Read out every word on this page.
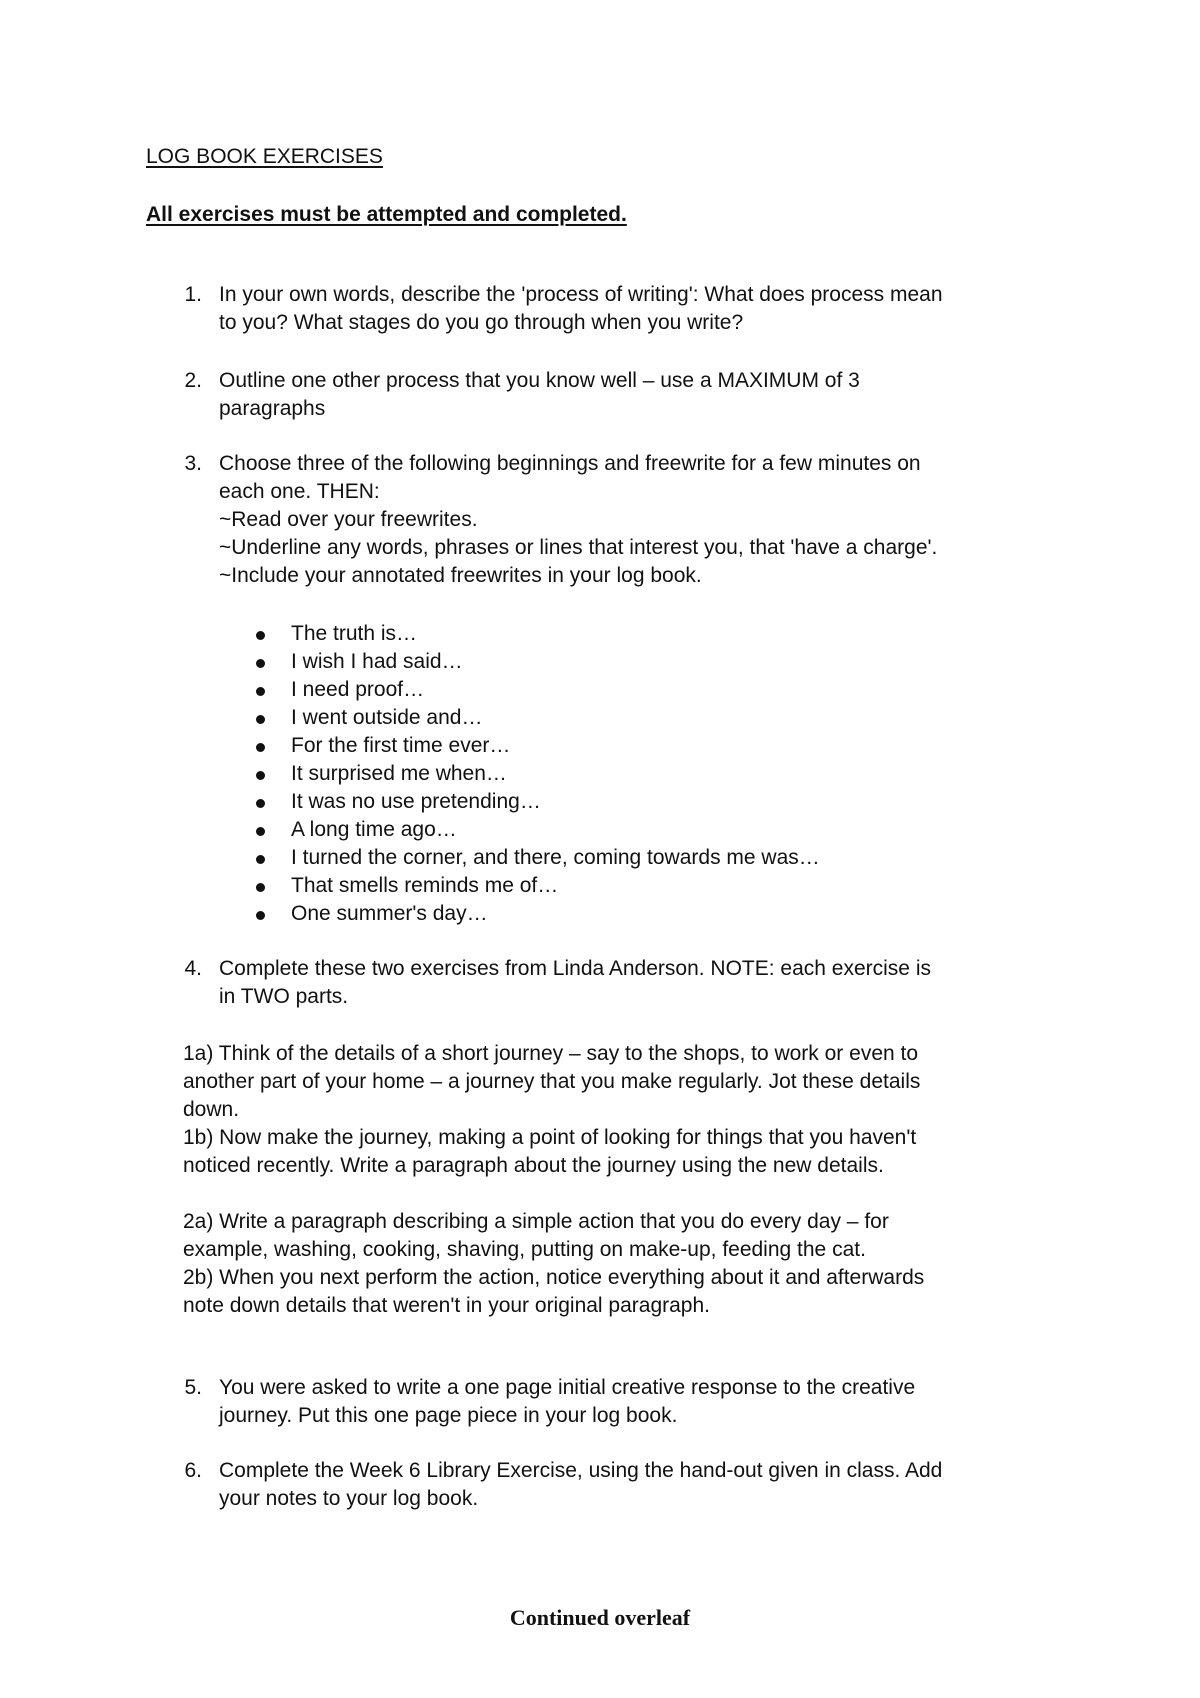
LOG BOOK EXERCISES
All exercises must be attempted and completed.
1. In your own words, describe the 'process of writing': What does process mean
to you? What stages do you go through when you write?
2. Outline one other process that you know well – use a MAXIMUM of 3
paragraphs
3. Choose three of the following beginnings and freewrite for a few minutes on
each one. THEN:
~Read over your freewrites.
~Underline any words, phrases or lines that interest you, that 'have a charge'.
~Include your annotated freewrites in your log book.
The truth is…
I wish I had said…
I need proof…
I went outside and…
For the first time ever…
It surprised me when…
It was no use pretending…
A long time ago…
I turned the corner, and there, coming towards me was…
That smells reminds me of…
One summer's day…
4. Complete these two exercises from Linda Anderson. NOTE: each exercise is
in TWO parts.
1a) Think of the details of a short journey – say to the shops, to work or even to
another part of your home – a journey that you make regularly. Jot these details
down.
1b) Now make the journey, making a point of looking for things that you haven't
noticed recently. Write a paragraph about the journey using the new details.
2a) Write a paragraph describing a simple action that you do every day – for
example, washing, cooking, shaving, putting on make-up, feeding the cat.
2b) When you next perform the action, notice everything about it and afterwards
note down details that weren't in your original paragraph.
5. You were asked to write a one page initial creative response to the creative
journey. Put this one page piece in your log book.
6. Complete the Week 6 Library Exercise, using the hand-out given in class. Add
your notes to your log book.
Continued overleaf
